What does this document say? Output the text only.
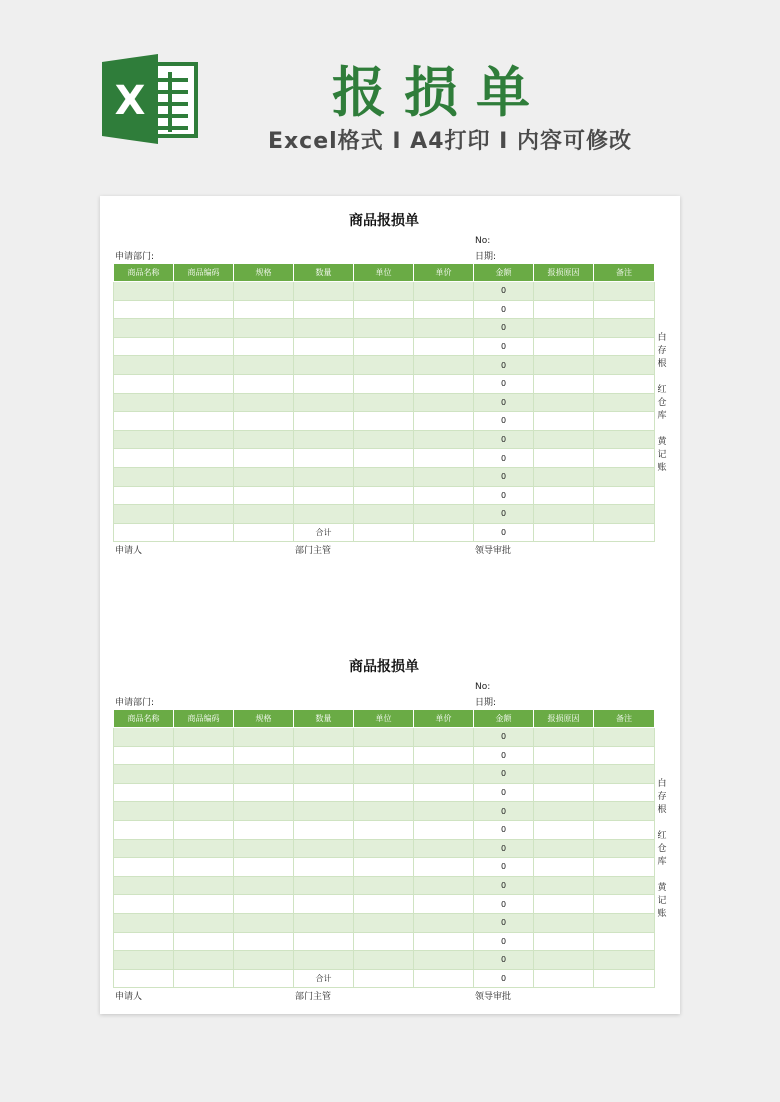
X	报损单
Excel格式 I A4打印 I 内容可修改
商品报损单
No:
申请部门:	日期:
商品名称	商品编码	规格	数量	单位	单价	金额	报损原因	备注
						0		
						0		
						0		
						0		
						0		
						0		
						0		
						0		
						0		
						0		
						0		
						0		
						0		
			合计			0		
白
存
根
红
仓
库
黄
记
账
申请人	部门主管	领导审批
商品报损单
No:
申请部门:	日期:
商品名称	商品编码	规格	数量	单位	单价	金额	报损原因	备注
						0		
						0		
						0		
						0		
						0		
						0		
						0		
						0		
						0		
						0		
						0		
						0		
						0		
			合计			0		
白
存
根
红
仓
库
黄
记
账
申请人	部门主管	领导审批
